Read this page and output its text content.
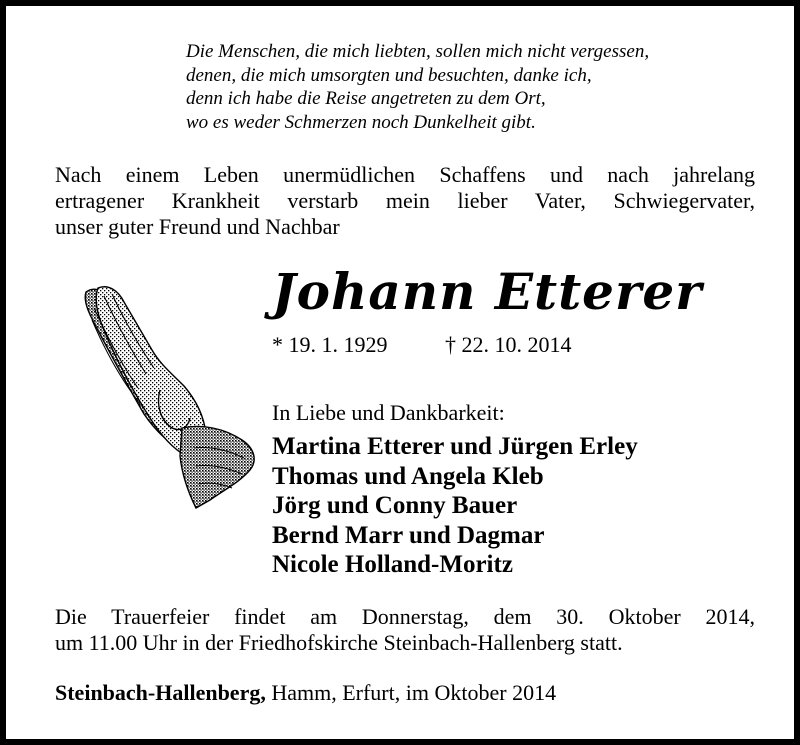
Die Menschen, die mich liebten, sollen mich nicht vergessen,
denen, die mich umsorgten und besuchten, danke ich,
denn ich habe die Reise angetreten zu dem Ort,
wo es weder Schmerzen noch Dunkelheit gibt.
Nach einem Leben unermüdlichen Schaffens und nach jahrelang
ertragener Krankheit verstarb mein lieber Vater, Schwiegervater,
unser guter Freund und Nachbar
Johann Etterer
* 19. 1. 1929	† 22. 10. 2014
In Liebe und Dankbarkeit:
Martina Etterer und Jürgen Erley
Thomas und Angela Kleb
Jörg und Conny Bauer
Bernd Marr und Dagmar
Nicole Holland-Moritz
Die Trauerfeier findet am Donnerstag, dem 30. Oktober 2014,
um 11.00 Uhr in der Friedhofskirche Steinbach-Hallenberg statt.
Steinbach-Hallenberg, Hamm, Erfurt, im Oktober 2014
